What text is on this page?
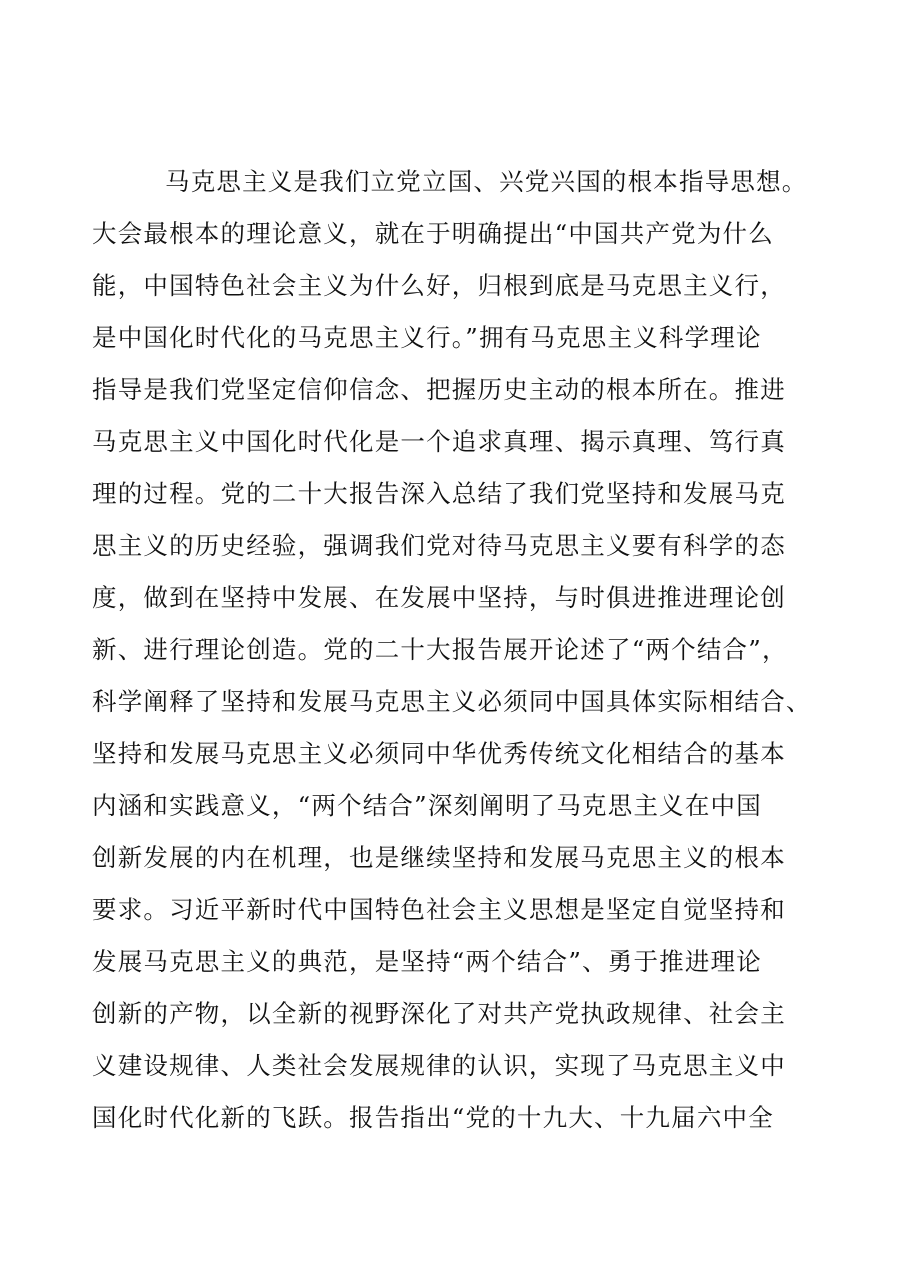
马克思主义是我们立党立国、兴党兴国的根本指导思想。
大会最根本的理论意义，就在于明确提出“中国共产党为什么
能，中国特色社会主义为什么好，归根到底是马克思主义行，
是中国化时代化的马克思主义行。”拥有马克思主义科学理论
指导是我们党坚定信仰信念、把握历史主动的根本所在。推进
马克思主义中国化时代化是一个追求真理、揭示真理、笃行真
理的过程。党的二十大报告深入总结了我们党坚持和发展马克
思主义的历史经验，强调我们党对待马克思主义要有科学的态
度，做到在坚持中发展、在发展中坚持，与时俱进推进理论创
新、进行理论创造。党的二十大报告展开论述了“两个结合”，
科学阐释了坚持和发展马克思主义必须同中国具体实际相结合、
坚持和发展马克思主义必须同中华优秀传统文化相结合的基本
内涵和实践意义，“两个结合”深刻阐明了马克思主义在中国
创新发展的内在机理，也是继续坚持和发展马克思主义的根本
要求。习近平新时代中国特色社会主义思想是坚定自觉坚持和
发展马克思主义的典范，是坚持“两个结合”、勇于推进理论
创新的产物，以全新的视野深化了对共产党执政规律、社会主
义建设规律、人类社会发展规律的认识，实现了马克思主义中
国化时代化新的飞跃。报告指出“党的十九大、十九届六中全
